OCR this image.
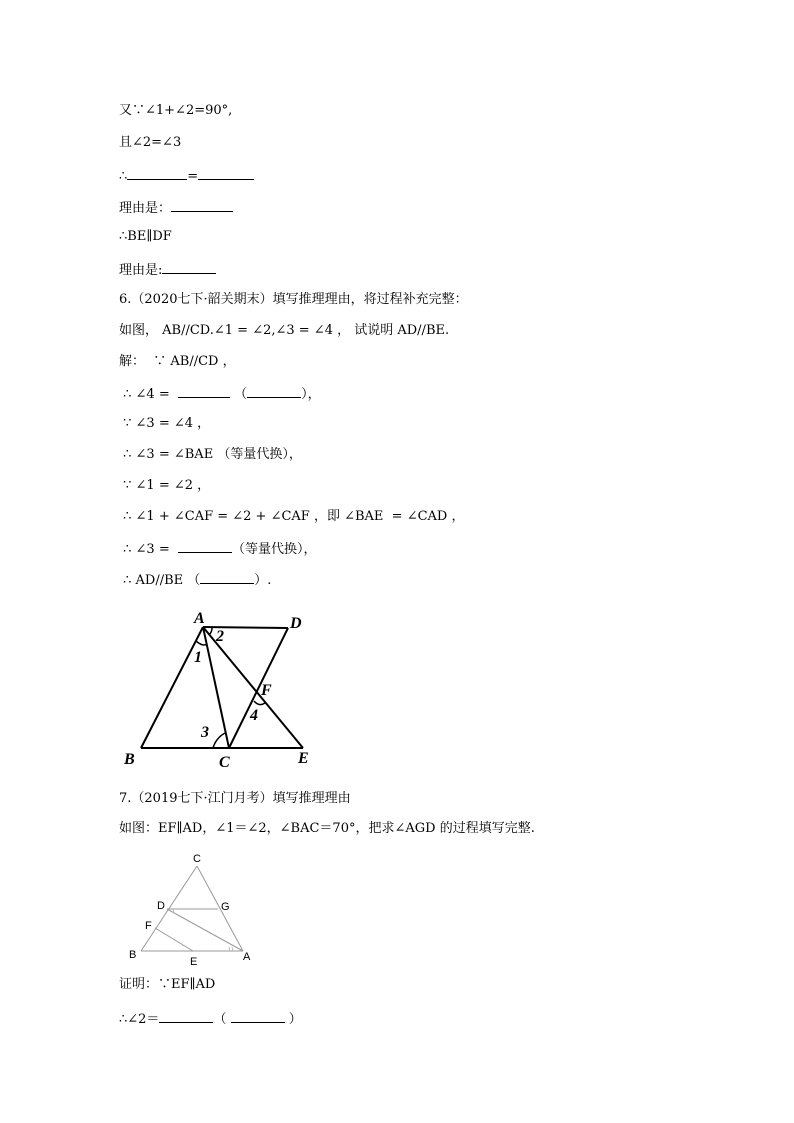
又∵∠1+∠2=90°,
且∠2=∠3
∴	=
理由是：
∴BE∥DF
理由是:
6.（2020七下·韶关期末）填写推理理由，将过程补充完整：
如图， AB//CD.∠1 = ∠2,∠3 = ∠4 ， 试说明 AD//BE.
解：  ∵ AB//CD ，
∴ ∠4 =	（	），
∵ ∠3 = ∠4 ，
∴ ∠3 = ∠BAE （等量代换），
∵ ∠1 = ∠2 ，
∴ ∠1 + ∠CAF = ∠2 + ∠CAF ，即 ∠BAE  = ∠CAD ，
∴ ∠3 =	（等量代换），
∴ AD//BE （	）.
A	D
B	C	E
F
1
2
3
4
7.（2019七下·江门月考）填写推理理由
如图：EF∥AD，∠1＝∠2，∠BAC＝70°，把求∠AGD 的过程填写完整.
C
D	G
F
B
E	A
证明：∵EF∥AD
∴∠2＝	（	）
